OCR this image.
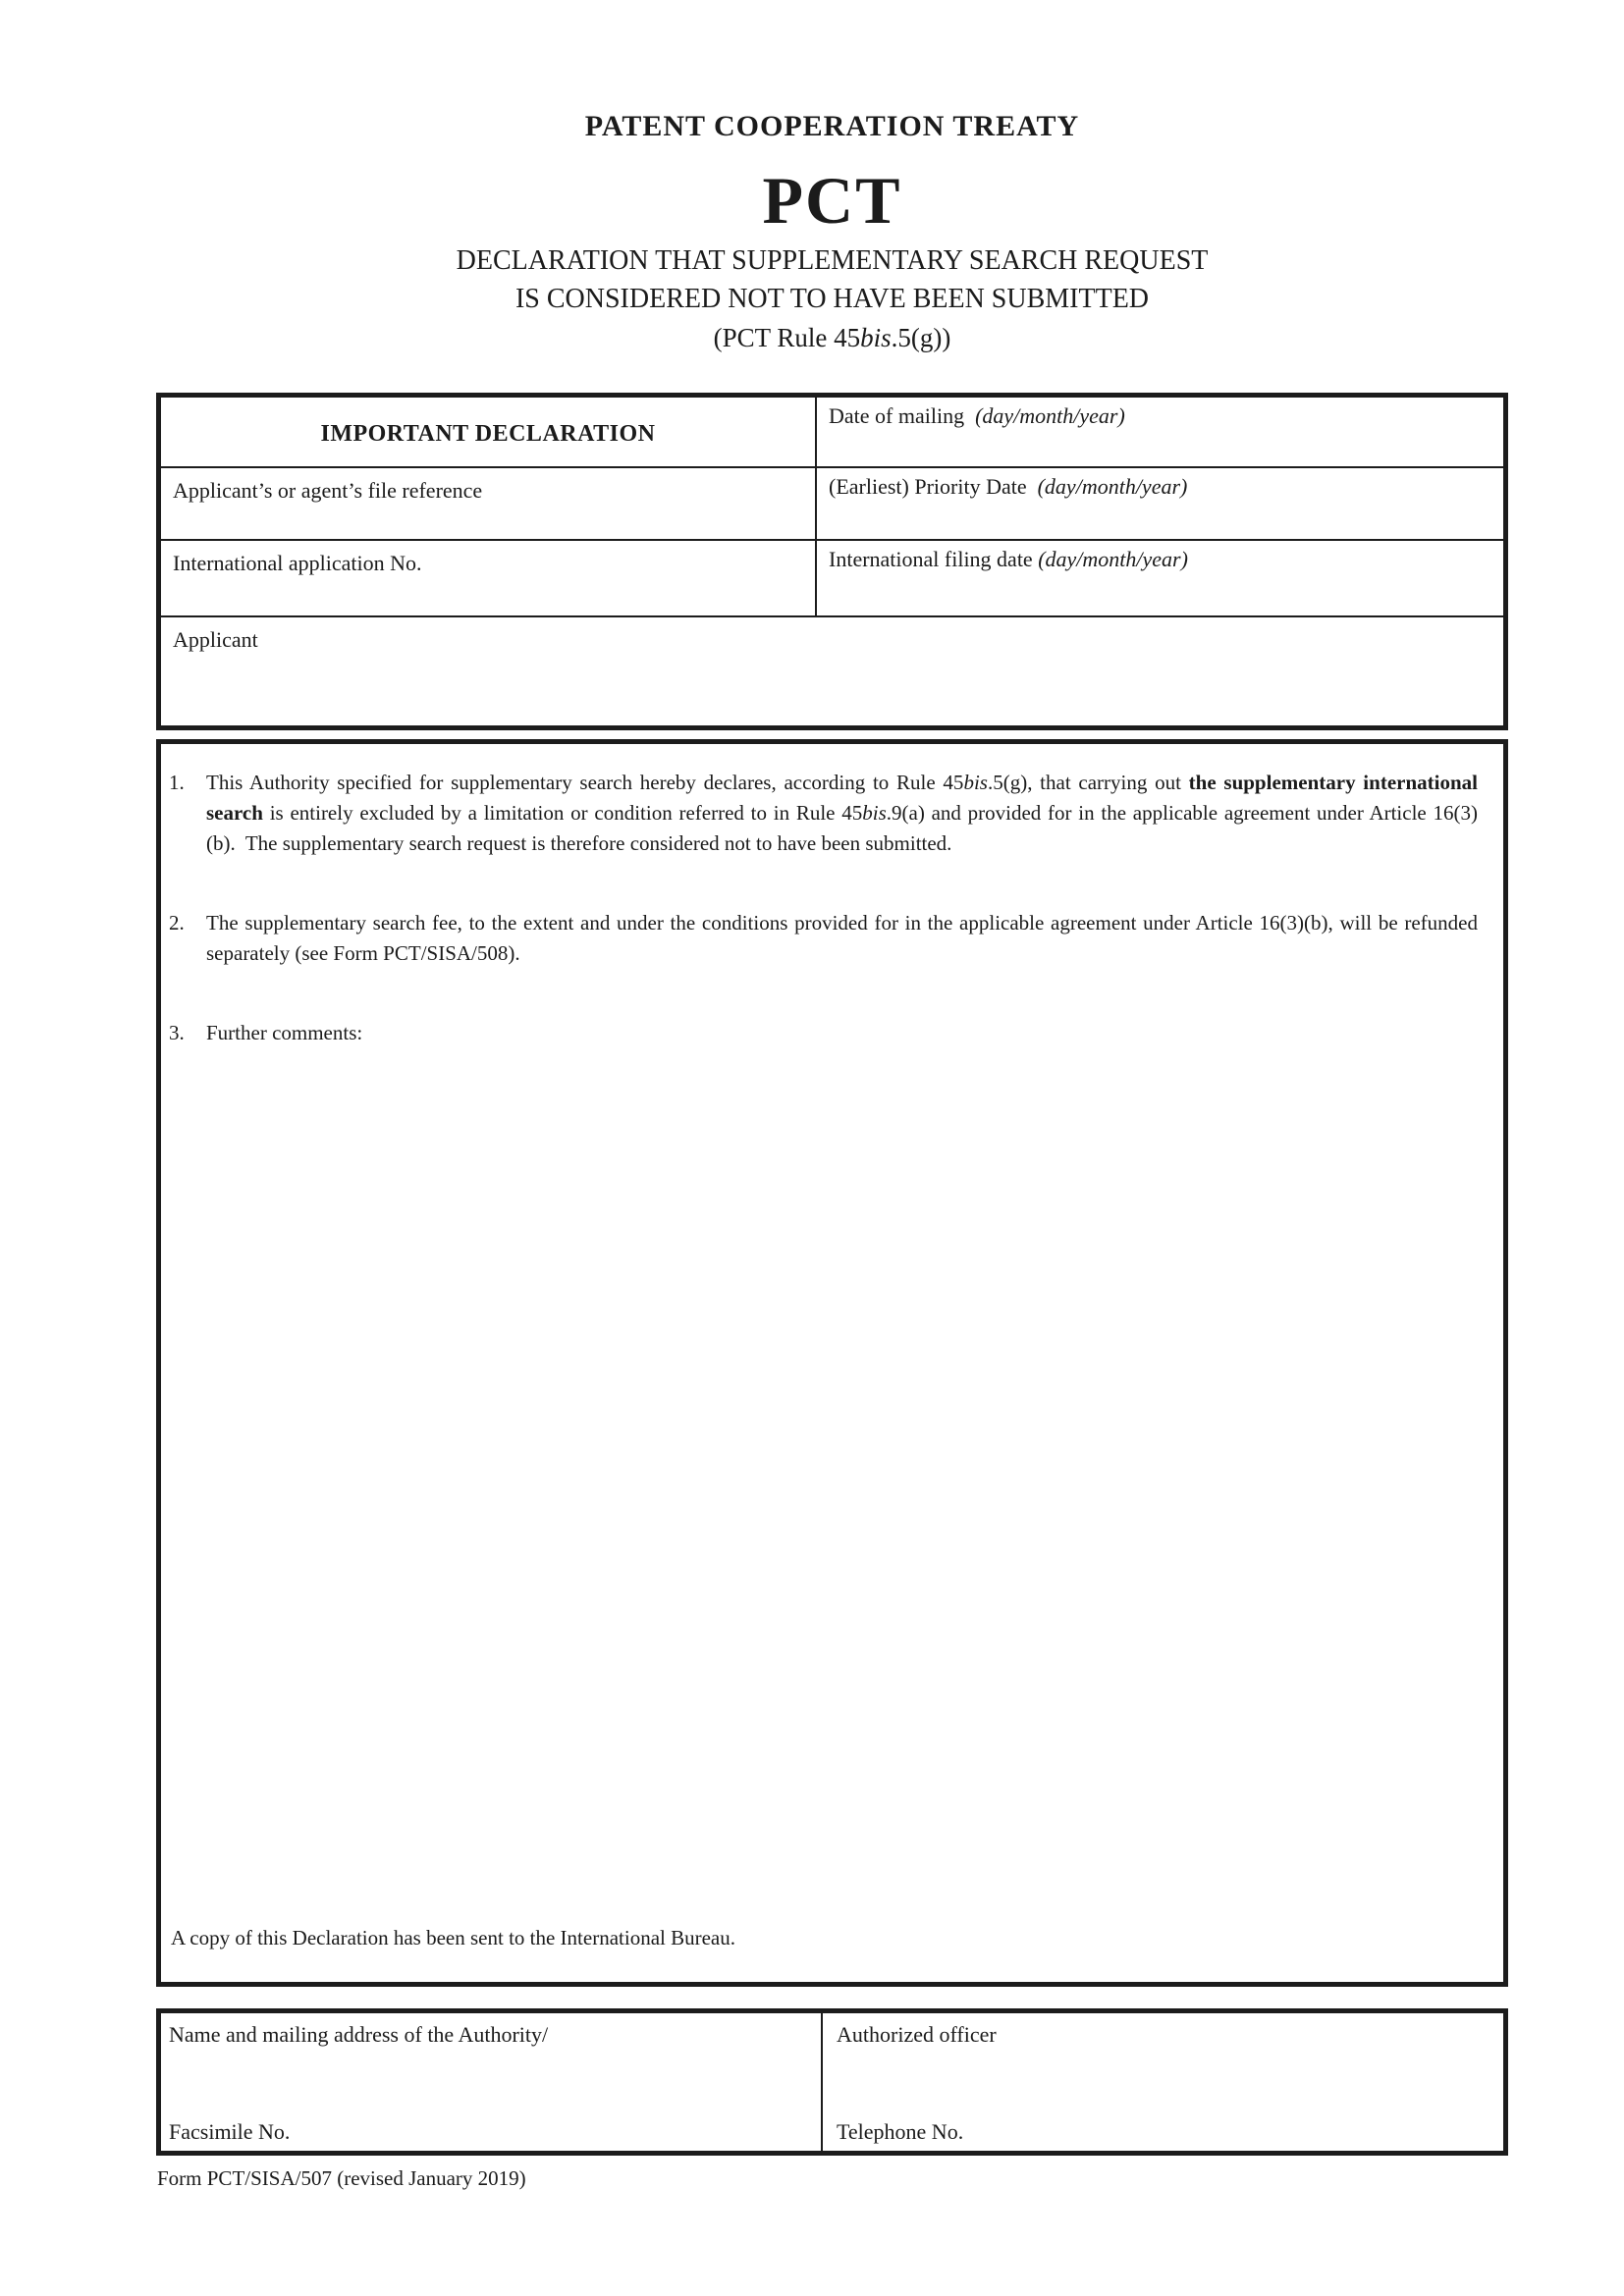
PATENT COOPERATION TREATY
PCT
DECLARATION THAT SUPPLEMENTARY SEARCH REQUEST
IS CONSIDERED NOT TO HAVE BEEN SUBMITTED
(PCT Rule 45bis.5(g))
IMPORTANT DECLARATION
Date of mailing  (day/month/year)
Applicant’s or agent’s file reference	(Earliest) Priority Date  (day/month/year)
International application No.	International filing date (day/month/year)
Applicant
1. This Authority specified for supplementary search hereby declares, according to Rule 45bis.5(g), that carrying out the supplementary international search is entirely excluded by a limitation or condition referred to in Rule 45bis.9(a) and provided for in the applicable agreement under Article 16(3)(b).  The supplementary search request is therefore considered not to have been submitted.

2. The supplementary search fee, to the extent and under the conditions provided for in the applicable agreement under Article 16(3)​(b), will be refunded separately (see Form PCT/SISA/508).

3. Further comments:

A copy of this Declaration has been sent to the International Bureau.
Name and mailing address of the Authority/
Facsimile No.
Authorized officer
Telephone No.
Form PCT/SISA/507 (revised January 2019)
